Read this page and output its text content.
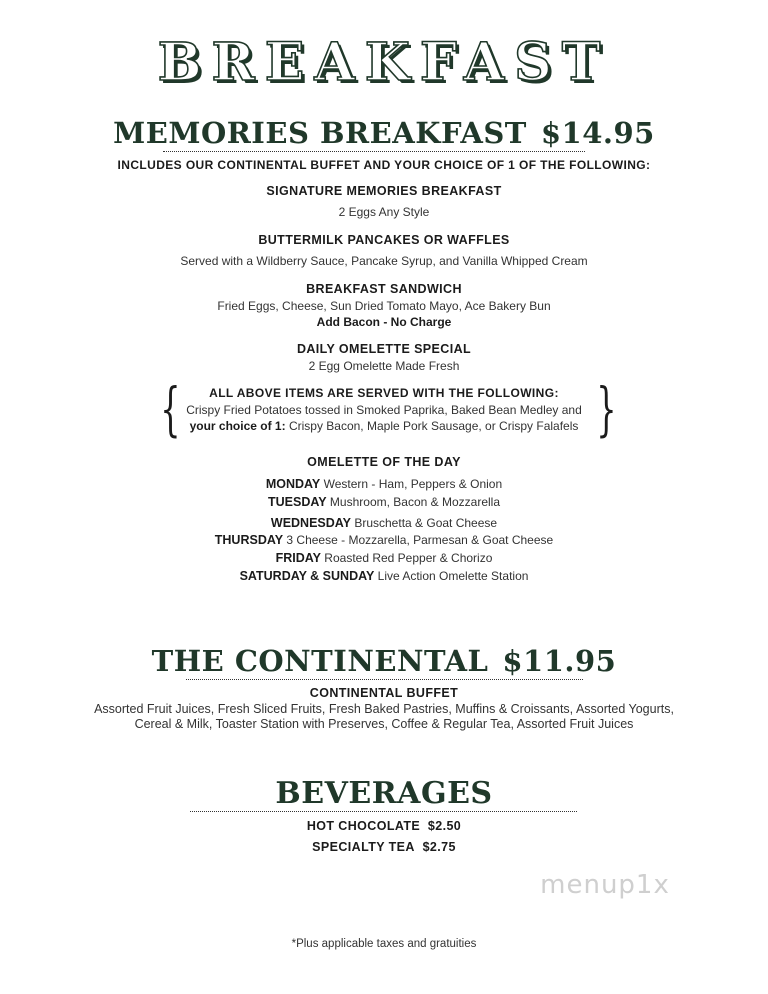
BREAKFAST
MEMORIES BREAKFAST $14.95
INCLUDES OUR CONTINENTAL BUFFET AND YOUR CHOICE OF 1 OF THE FOLLOWING:
SIGNATURE MEMORIES BREAKFAST
2 Eggs Any Style
BUTTERMILK PANCAKES OR WAFFLES
Served with a Wildberry Sauce, Pancake Syrup, and Vanilla Whipped Cream
BREAKFAST SANDWICH
Fried Eggs, Cheese, Sun Dried Tomato Mayo, Ace Bakery Bun
Add Bacon - No Charge
DAILY OMELETTE SPECIAL
2 Egg Omelette Made Fresh
{	}
ALL ABOVE ITEMS ARE SERVED WITH THE FOLLOWING:
Crispy Fried Potatoes tossed in Smoked Paprika, Baked Bean Medley and
your choice of 1: Crispy Bacon, Maple Pork Sausage, or Crispy Falafels
OMELETTE OF THE DAY
MONDAY Western - Ham, Peppers & Onion
TUESDAY Mushroom, Bacon & Mozzarella
WEDNESDAY Bruschetta & Goat Cheese
THURSDAY 3 Cheese - Mozzarella, Parmesan & Goat Cheese
FRIDAY Roasted Red Pepper & Chorizo
SATURDAY & SUNDAY Live Action Omelette Station
THE CONTINENTAL $11.95
CONTINENTAL BUFFET
Assorted Fruit Juices, Fresh Sliced Fruits, Fresh Baked Pastries, Muffins & Croissants, Assorted Yogurts,
Cereal & Milk, Toaster Station with Preserves, Coffee & Regular Tea, Assorted Fruit Juices
BEVERAGES
HOT CHOCOLATE $2.50
SPECIALTY TEA $2.75
menup1x
*Plus applicable taxes and gratuities
